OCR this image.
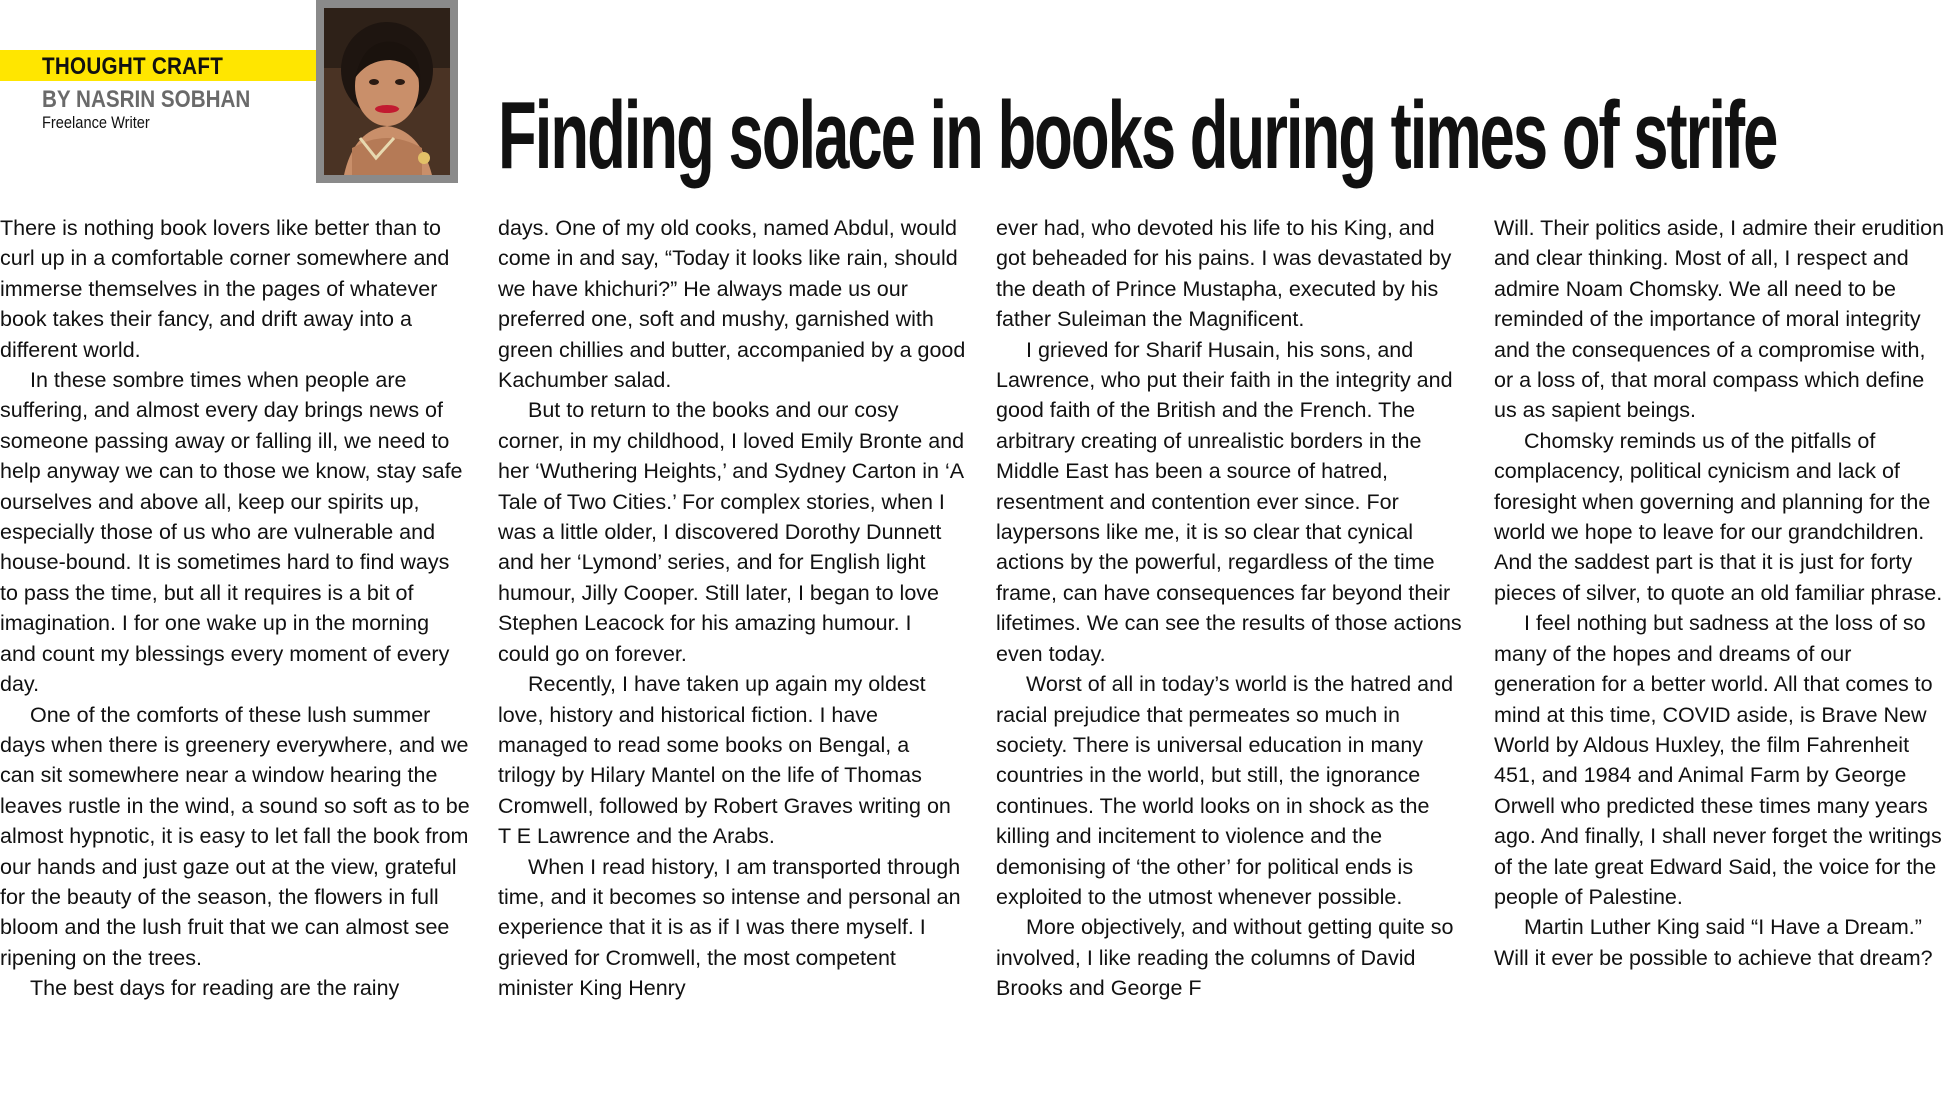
THOUGHT CRAFT
BY NASRIN SOBHAN
Freelance Writer	Finding solace in books during times of strife

There is nothing book lovers like better than to curl up in a comfortable corner somewhere and immerse themselves in the pages of whatever book takes their fancy, and drift away into a different world.

In these sombre times when people are suffering, and almost every day brings news of someone passing away or falling ill, we need to help anyway we can to those we know, stay safe ourselves and above all, keep our spirits up, especially those of us who are vulnerable and house-bound. It is sometimes hard to find ways to pass the time, but all it requires is a bit of imagination. I for one wake up in the morning and count my blessings every moment of every day.

One of the comforts of these lush summer days when there is greenery everywhere, and we can sit somewhere near a window hearing the leaves rustle in the wind, a sound so soft as to be almost hypnotic, it is easy to let fall the book from our hands and just gaze out at the view, grateful for the beauty of the season, the flowers in full bloom and the lush fruit that we can almost see ripening on the trees.

The best days for reading are the rainy

days. One of my old cooks, named Abdul, would come in and say, “Today it looks like rain, should we have khichuri?” He always made us our preferred one, soft and mushy, garnished with green chillies and butter, accompanied by a good Kachumber salad.

But to return to the books and our cosy corner, in my childhood, I loved Emily Bronte and her ‘Wuthering Heights,’ and Sydney Carton in ‘A Tale of Two Cities.’ For complex stories, when I was a little older, I discovered Dorothy Dunnett and her ‘Lymond’ series, and for English light humour, Jilly Cooper. Still later, I began to love Stephen Leacock for his amazing humour. I could go on forever.

Recently, I have taken up again my oldest love, history and historical fiction. I have managed to read some books on Bengal, a trilogy by Hilary Mantel on the life of Thomas Cromwell, followed by Robert Graves writing on T E Lawrence and the Arabs.

When I read history, I am transported through time, and it becomes so intense and personal an experience that it is as if I was there myself. I grieved for Cromwell, the most competent minister King Henry

ever had, who devoted his life to his King, and got beheaded for his pains. I was devastated by the death of Prince Mustapha, executed by his father Suleiman the Magnificent.

I grieved for Sharif Husain, his sons, and Lawrence, who put their faith in the integrity and good faith of the British and the French. The arbitrary creating of unrealistic borders in the Middle East has been a source of hatred, resentment and contention ever since. For laypersons like me, it is so clear that cynical actions by the powerful, regardless of the time frame, can have consequences far beyond their lifetimes. We can see the results of those actions even today.

Worst of all in today’s world is the hatred and racial prejudice that permeates so much in society. There is universal education in many countries in the world, but still, the ignorance continues. The world looks on in shock as the killing and incitement to violence and the demonising of ‘the other’ for political ends is exploited to the utmost whenever possible.

More objectively, and without getting quite so involved, I like reading the columns of David Brooks and George F

Will. Their politics aside, I admire their erudition and clear thinking. Most of all, I respect and admire Noam Chomsky. We all need to be reminded of the importance of moral integrity and the consequences of a compromise with, or a loss of, that moral compass which define us as sapient beings.

Chomsky reminds us of the pitfalls of complacency, political cynicism and lack of foresight when governing and planning for the world we hope to leave for our grandchildren. And the saddest part is that it is just for forty pieces of silver, to quote an old familiar phrase.

I feel nothing but sadness at the loss of so many of the hopes and dreams of our generation for a better world. All that comes to mind at this time, COVID aside, is Brave New World by Aldous Huxley, the film Fahrenheit 451, and 1984 and Animal Farm by George Orwell who predicted these times many years ago. And finally, I shall never forget the writings of the late great Edward Said, the voice for the people of Palestine.

Martin Luther King said “I Have a Dream.” Will it ever be possible to achieve that dream?
